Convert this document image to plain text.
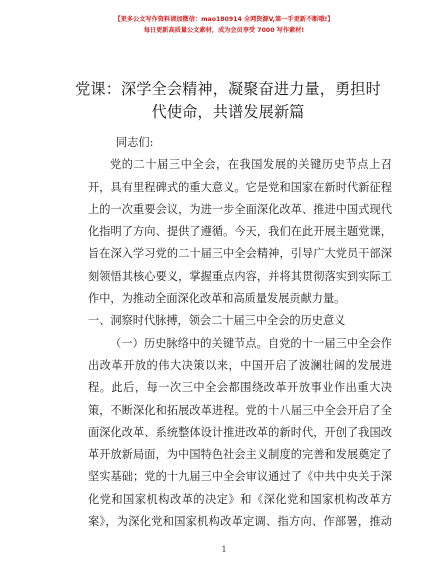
【更多公文写作资料请加微信：mao180914 全网资源V,第一手更新不断哦!】
每日更新高质量公文素材，成为会员享受 7000 写作素材!
党课：深学全会精神，凝聚奋进力量，勇担时
代使命，共谱发展新篇

同志们:

党的二十届三中全会，在我国发展的关键历史节点上召
开，具有里程碑式的重大意义。它是党和国家在新时代新征程
上的一次重要会议，为进一步全面深化改革、推进中国式现代
化指明了方向、提供了遵循。今天，我们在此开展主题党课，
旨在深入学习党的二十届三中全会精神，引导广大党员干部深
刻领悟其核心要义，掌握重点内容，并将其贯彻落实到实际工
作中，为推动全面深化改革和高质量发展贡献力量。

一、洞察时代脉搏，领会二十届三中全会的历史意义

（一）历史脉络中的关键节点。自党的十一届三中全会作
出改革开放的伟大决策以来，中国开启了波澜壮阔的发展进
程。此后，每一次三中全会都围绕改革开放事业作出重大决
策，不断深化和拓展改革进程。党的十八届三中全会开启了全
面深化改革、系统整体设计推进改革的新时代，开创了我国改
革开放新局面，为中国特色社会主义制度的完善和发展奠定了
坚实基础；党的十九届三中全会审议通过了《中共中央关于深
化党和国家机构改革的决定》和《深化党和国家机构改革方
案》，为深化党和国家机构改革定调、指方向、作部署，推动

1
